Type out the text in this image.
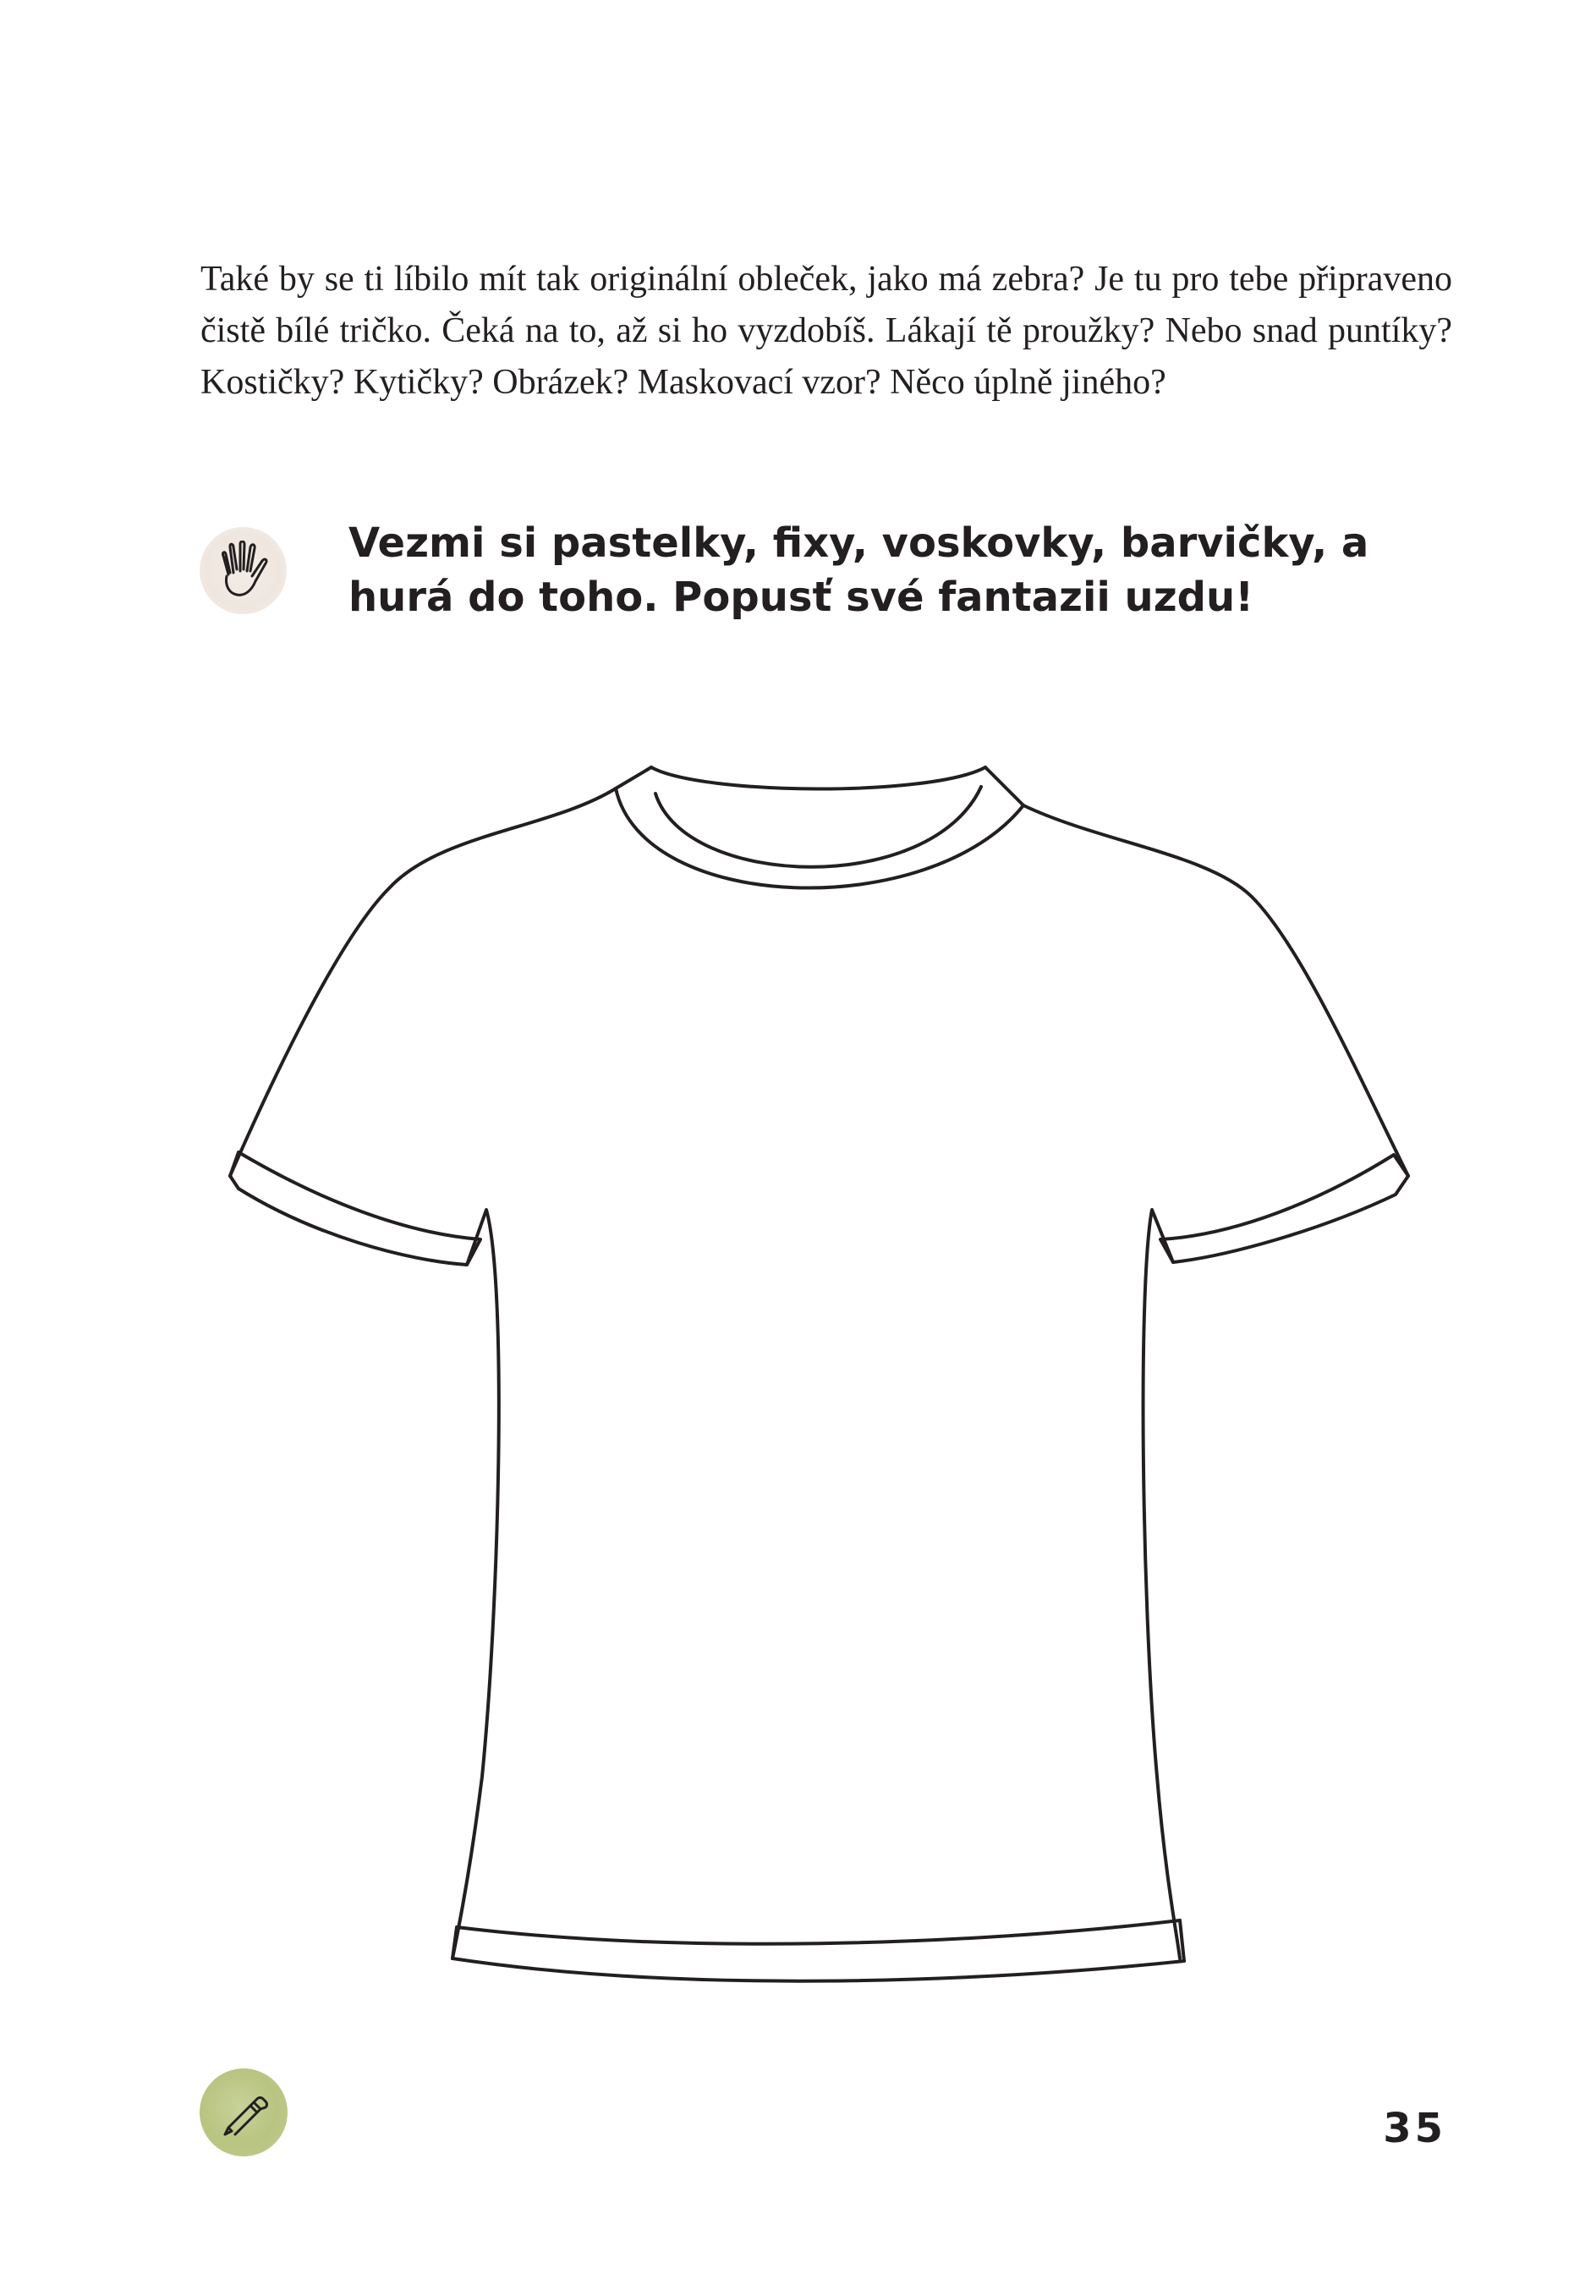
Také by se ti líbilo mít tak originální obleček, jako má zebra? Je tu pro tebe připraveno čistě bílé tričko. Čeká na to, až si ho vyzdobíš. Lákají tě proužky? Nebo snad puntíky? Kostičky? Kytičky? Obrázek? Maskovací vzor? Něco úplně jiného?

Vezmi si pastelky, fixy, voskovky, barvičky, a hurá do toho. Popusť své fantazii uzdu!

35
